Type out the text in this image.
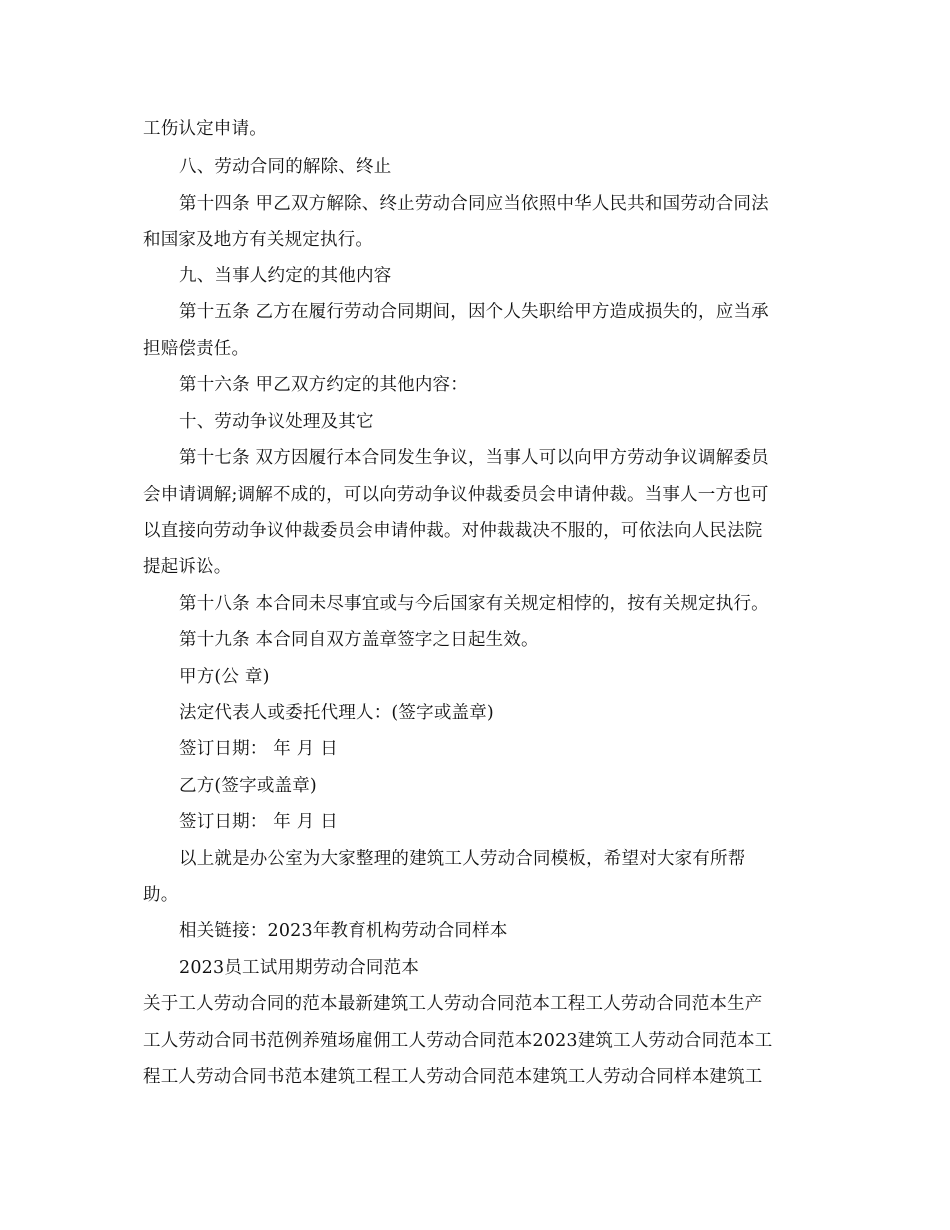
工伤认定申请。
八、劳动合同的解除、终止
第十四条 甲乙双方解除、终止劳动合同应当依照中华人民共和国劳动合同法
和国家及地方有关规定执行。
九、当事人约定的其他内容
第十五条 乙方在履行劳动合同期间，因个人失职给甲方造成损失的，应当承
担赔偿责任。
第十六条 甲乙双方约定的其他内容：
十、劳动争议处理及其它
第十七条 双方因履行本合同发生争议，当事人可以向甲方劳动争议调解委员
会申请调解;调解不成的，可以向劳动争议仲裁委员会申请仲裁。当事人一方也可
以直接向劳动争议仲裁委员会申请仲裁。对仲裁裁决不服的，可依法向人民法院
提起诉讼。
第十八条 本合同未尽事宜或与今后国家有关规定相悖的，按有关规定执行。
第十九条 本合同自双方盖章签字之日起生效。
甲方(公 章)
法定代表人或委托代理人：(签字或盖章)
签订日期： 年 月 日
乙方(签字或盖章)
签订日期： 年 月 日
以上就是办公室为大家整理的建筑工人劳动合同模板，希望对大家有所帮
助。
相关链接：2023年教育机构劳动合同样本
2023员工试用期劳动合同范本
关于工人劳动合同的范本最新建筑工人劳动合同范本工程工人劳动合同范本生产
工人劳动合同书范例养殖场雇佣工人劳动合同范本2023建筑工人劳动合同范本工
程工人劳动合同书范本建筑工程工人劳动合同范本建筑工人劳动合同样本建筑工
